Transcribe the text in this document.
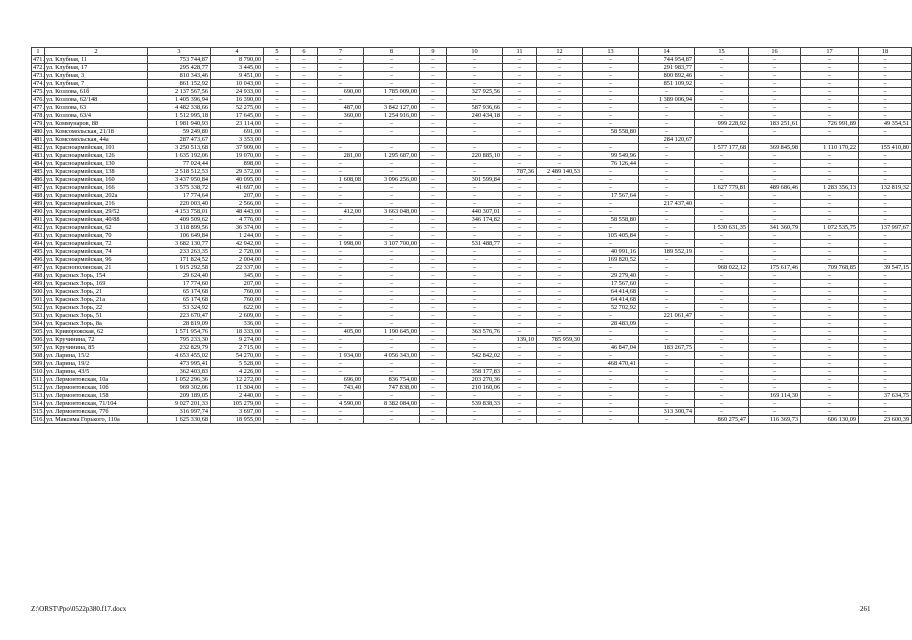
1	2	3	4	5	6	7	8	9	10	11	12	13	14	15	16	17	18
471.	ул. Клубная, 11	753 744,87	8 790,00	–	–	–	–	–	–	–	–	–	744 954,87	–	–	–	–
472.	ул. Клубная, 17	295 428,77	3 445,00	–	–	–	–	–	–	–	–	–	291 983,77	–	–	–	–
473.	ул. Клубная, 3	810 343,46	9 451,00	–	–	–	–	–	–	–	–	–	800 892,46	–	–	–	–
474.	ул. Клубная, 7	861 152,92	10 043,00	–	–	–	–	–	–	–	–	–	851 109,92	–	–	–	–
475.	ул. Козлова, 61б	2 137 567,56	24 933,00	–	–	690,00	1 785 009,00	–	327 925,56	–	–	–	–	–	–	–	–
476.	ул. Козлова, 62/148	1 405 396,94	16 390,00	–	–	–	–	–	–	–	–	–	1 389 006,94	–	–	–	–
477.	ул. Козлова, 63	4 482 338,66	52 275,00	–	–	487,00	3 842 127,00	–	587 936,66	–	–	–	–	–	–	–	–
478.	ул. Козлова, 63/4	1 512 995,18	17 645,00	–	–	360,00	1 254 916,00	–	240 434,18	–	–	–	–	–	–	–	–
479.	ул. Коммунаров, 88	1 981 940,93	23 114,00	–	–	–	–	–	–	–	–	–	–	999 228,92	183 251,61	726 991,89	49 354,51
480.	ул. Комсомольская, 21/18	59 249,80	691,00	–	–	–	–	–	–	–	–	58 558,80	–	–	–	–	–
481.	ул. Комсомольская, 44а	287 473,67	3 353,00										284 120,67				
482.	ул. Красноармейская, 101	3 250 513,68	37 909,00	–	–	–	–	–	–	–	–	–	–	1 577 177,68	369 845,98	1 110 170,22	155 410,80
483.	ул. Красноармейская, 126	1 635 192,06	19 070,00	–	–	281,00	1 295 687,00	–	220 885,10	–	–	99 549,96	–	–	–	–	–
484.	ул. Красноармейская, 130	77 024,44	898,00	–	–	–	–	–	–	–	–	76 126,44	–	–	–	–	–
485.	ул. Красноармейская, 138	2 518 512,53	29 372,00	–	–	–	–	–	–	787,36	2 489 140,53	–	–	–	–	–	–
486.	ул. Красноармейская, 160	3 437 950,84	40 095,00	–	–	1 608,08	3 096 256,00	–	301 599,84	–	–	–	–	–	–	–	–
487.	ул. Красноармейская, 166	3 575 338,72	41 697,00	–	–	–	–	–	–	–	–	–	–	1 627 779,81	489 686,46	1 283 356,13	132 819,32
488.	ул. Красноармейская, 202а	17 774,64	207,00	–	–	–	–	–	–	–	–	17 567,64	–	–	–	–	–
489.	ул. Красноармейская, 216	220 003,40	2 566,00	–	–	–	–	–	–	–	–	–	217 437,40	–	–	–	–
490.	ул. Красноармейская, 29/52	4 153 758,01	48 443,00	–	–	412,00	3 663 048,00	–	440 307,01	–	–	–	–	–	–	–	–
491.	ул. Красноармейская, 40/88	409 509,62	4 776,00	–	–	–	–	–	346 174,82	–	–	58 558,80	–	–	–	–	–
492.	ул. Красноармейская, 62	3 118 899,56	36 374,00	–	–	–	–	–	–	–	–	–	–	1 530 631,35	341 360,79	1 072 535,75	137 997,67
493.	ул. Красноармейская, 70	106 649,84	1 244,00	–	–	–	–	–	–	–	–	105 405,84	–	–	–	–	–
494.	ул. Красноармейская, 72	3 682 130,77	42 942,00	–	–	1 998,00	3 107 700,00	–	531 488,77	–	–	–	–	–	–	–	–
495.	ул. Красноармейская, 74	233 263,35	2 720,00	–	–	–	–	–	–	–	–	40 991,16	189 552,19	–	–	–	–
496.	ул. Красноармейская, 96	171 824,52	2 004,00	–	–	–	–	–	–	–	–	169 820,52	–	–	–	–	–
497.	ул. Краснополянская, 21	1 915 292,58	22 337,00	–	–	–	–	–	–	–	–	–	–	968 022,12	175 617,46	709 768,85	39 547,15
498.	ул. Красных Зорь, 154	29 624,40	345,00	–	–	–	–	–	–	–	–	29 279,40	–	–	–	–	–
499.	ул. Красных Зорь, 169	17 774,60	207,00	–	–	–	–	–	–	–	–	17 567,60	–	–	–	–	–
500.	ул. Красных Зорь, 21	65 174,68	760,00	–	–	–	–	–	–	–	–	64 414,68	–	–	–	–	–
501.	ул. Красных Зорь, 21а	65 174,68	760,00	–	–	–	–	–	–	–	–	64 414,68	–	–	–	–	–
502.	ул. Красных Зорь, 22	53 324,92	622,00	–	–	–	–	–	–	–	–	52 702,92	–	–	–	–	–
503.	ул. Красных Зорь, 51	223 670,47	2 609,00	–	–	–	–	–	–	–	–	–	221 061,47	–	–	–	–
504.	ул. Красных Зорь, 8а	28 819,09	336,00	–	–	–	–	–	–	–	–	28 483,09	–	–	–	–	–
505.	ул. Криворожская, 62	1 571 954,76	18 333,00	–	–	405,00	1 190 645,00	–	363 576,76	–	–	–	–	–	–	–	–
506.	ул. Кручинина, 72	795 233,30	9 274,00	–	–	–	–	–	–	139,10	785 959,30	–	–	–	–	–	–
507.	ул. Кручинина, 85	232 829,79	2 715,00	–	–	–	–	–	–	–	–	46 847,04	183 267,75	–	–	–	–
508.	ул. Ларина, 15/2	4 653 455,02	54 270,00	–	–	1 934,00	4 056 343,00	–	542 842,02	–	–	–	–	–	–	–	–
509.	ул. Ларина, 19/2	473 995,41	5 528,00	–	–	–	–	–	–	–	–	468 470,41	–	–	–	–	–
510.	ул. Ларина, 43/5	362 403,83	4 226,00	–	–	–	–	–	358 177,83	–	–	–	–	–	–	–	–
511.	ул. Лермонтовская, 10а	1 052 296,36	12 272,00	–	–	696,00	836 754,00	–	203 270,36	–	–	–	–	–	–	–	–
512.	ул. Лермонтовская, 10б	969 302,06	11 304,00	–	–	743,40	747 838,00	–	210 160,06	–	–	–	–	–	–	–	–
513.	ул. Лермонтовская, 158	209 189,05	2 440,00	–	–	–	–	–	–	–	–	–	–	–	169 114,30	–	37 634,75
514.	ул. Лермонтовская, 71/104	9 027 201,33	105 279,00	–	–	4 590,00	8 382 084,00	–	539 838,33	–	–	–	–	–	–	–	–
515.	ул. Лермонтовская, 77б	316 997,74	3 697,00	–	–	–	–	–	–	–	–	–	313 300,74	–	–	–	–
516.	ул. Максима Горького, 110а	1 625 330,68	18 955,00	–	–	–	–	–	–	–	–	–	–	860 275,47	116 369,73	606 130,09	23 600,39
Z:\ORST\Ppo\0522p380.f17.docx	261
